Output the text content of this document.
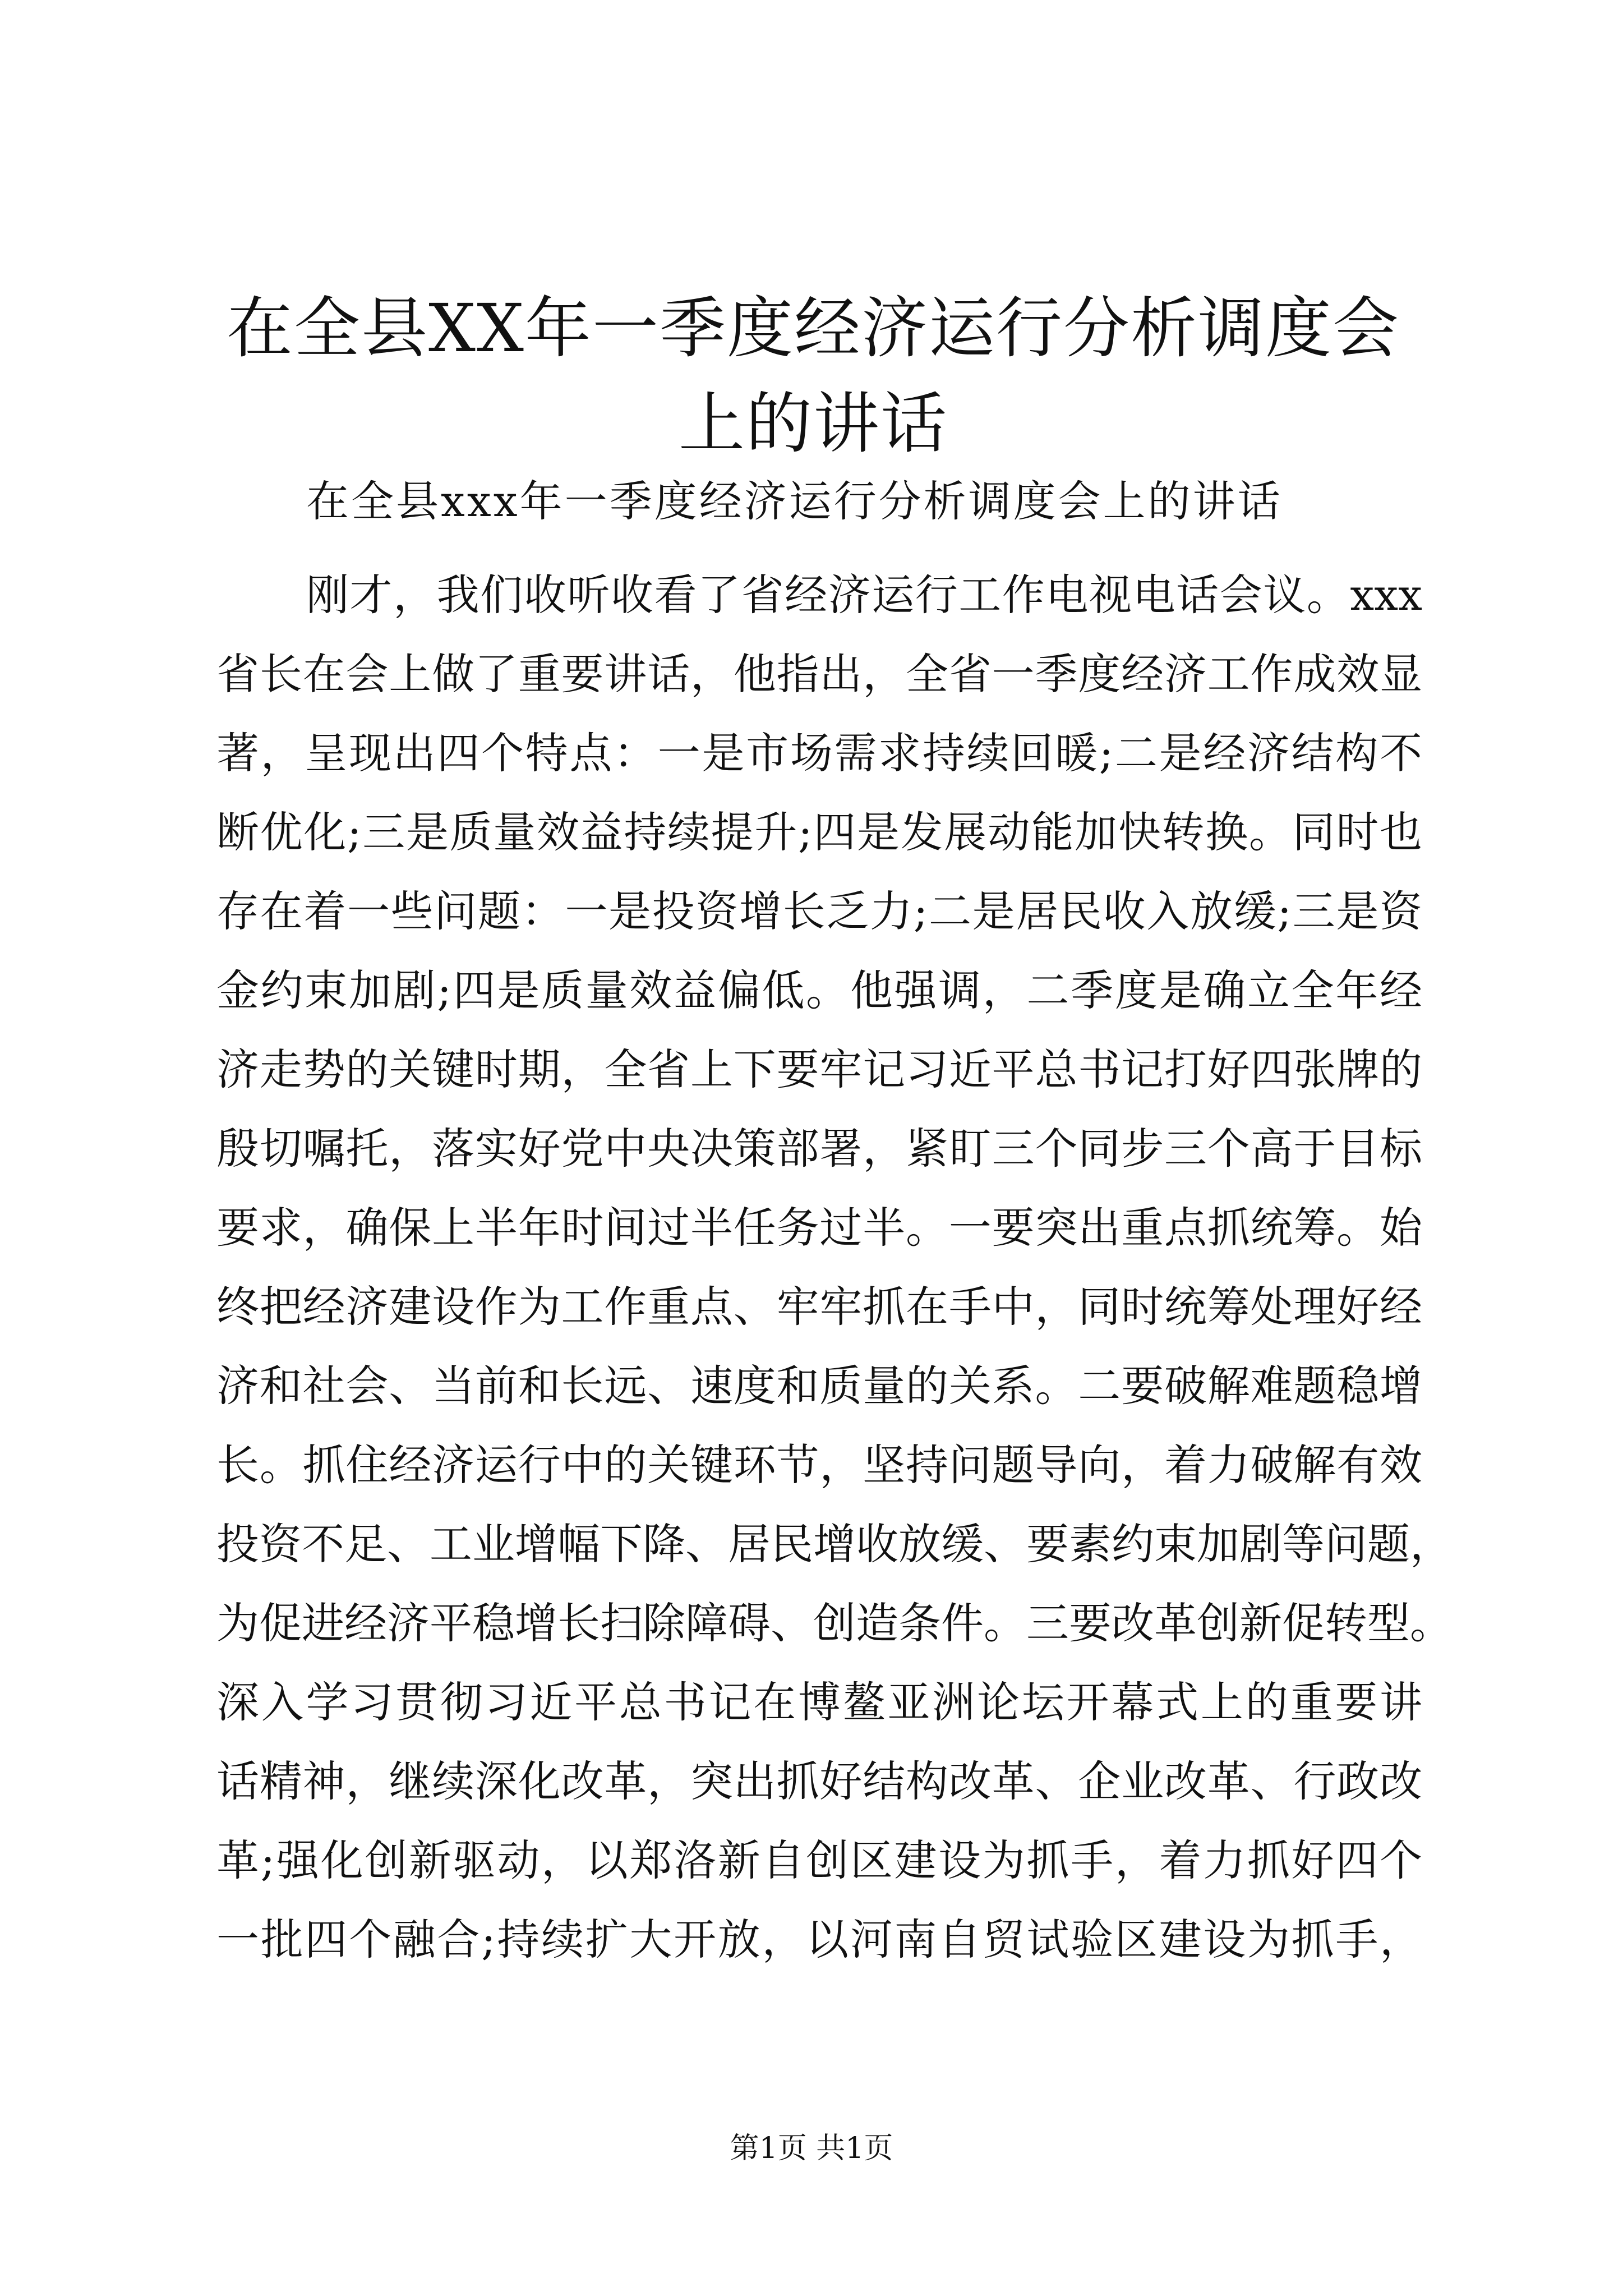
在全县XX年一季度经济运行分析调度会上的讲话

在全县xxx年一季度经济运行分析调度会上的讲话

刚才，我们收听收看了省经济运行工作电视电话会议。xxx
省长在会上做了重要讲话，他指出，全省一季度经济工作成效显
著，呈现出四个特点：一是市场需求持续回暖;二是经济结构不
断优化;三是质量效益持续提升;四是发展动能加快转换。同时也
存在着一些问题：一是投资增长乏力;二是居民收入放缓;三是资
金约束加剧;四是质量效益偏低。他强调，二季度是确立全年经
济走势的关键时期，全省上下要牢记习近平总书记打好四张牌的
殷切嘱托，落实好党中央决策部署，紧盯三个同步三个高于目标
要求，确保上半年时间过半任务过半。一要突出重点抓统筹。始
终把经济建设作为工作重点、牢牢抓在手中，同时统筹处理好经
济和社会、当前和长远、速度和质量的关系。二要破解难题稳增
长。抓住经济运行中的关键环节，坚持问题导向，着力破解有效
投资不足、工业增幅下降、居民增收放缓、要素约束加剧等问题，
为促进经济平稳增长扫除障碍、创造条件。三要改革创新促转型。
深入学习贯彻习近平总书记在博鳌亚洲论坛开幕式上的重要讲
话精神，继续深化改革，突出抓好结构改革、企业改革、行政改
革;强化创新驱动，以郑洛新自创区建设为抓手，着力抓好四个
一批四个融合;持续扩大开放，以河南自贸试验区建设为抓手，

第1页 共1页
